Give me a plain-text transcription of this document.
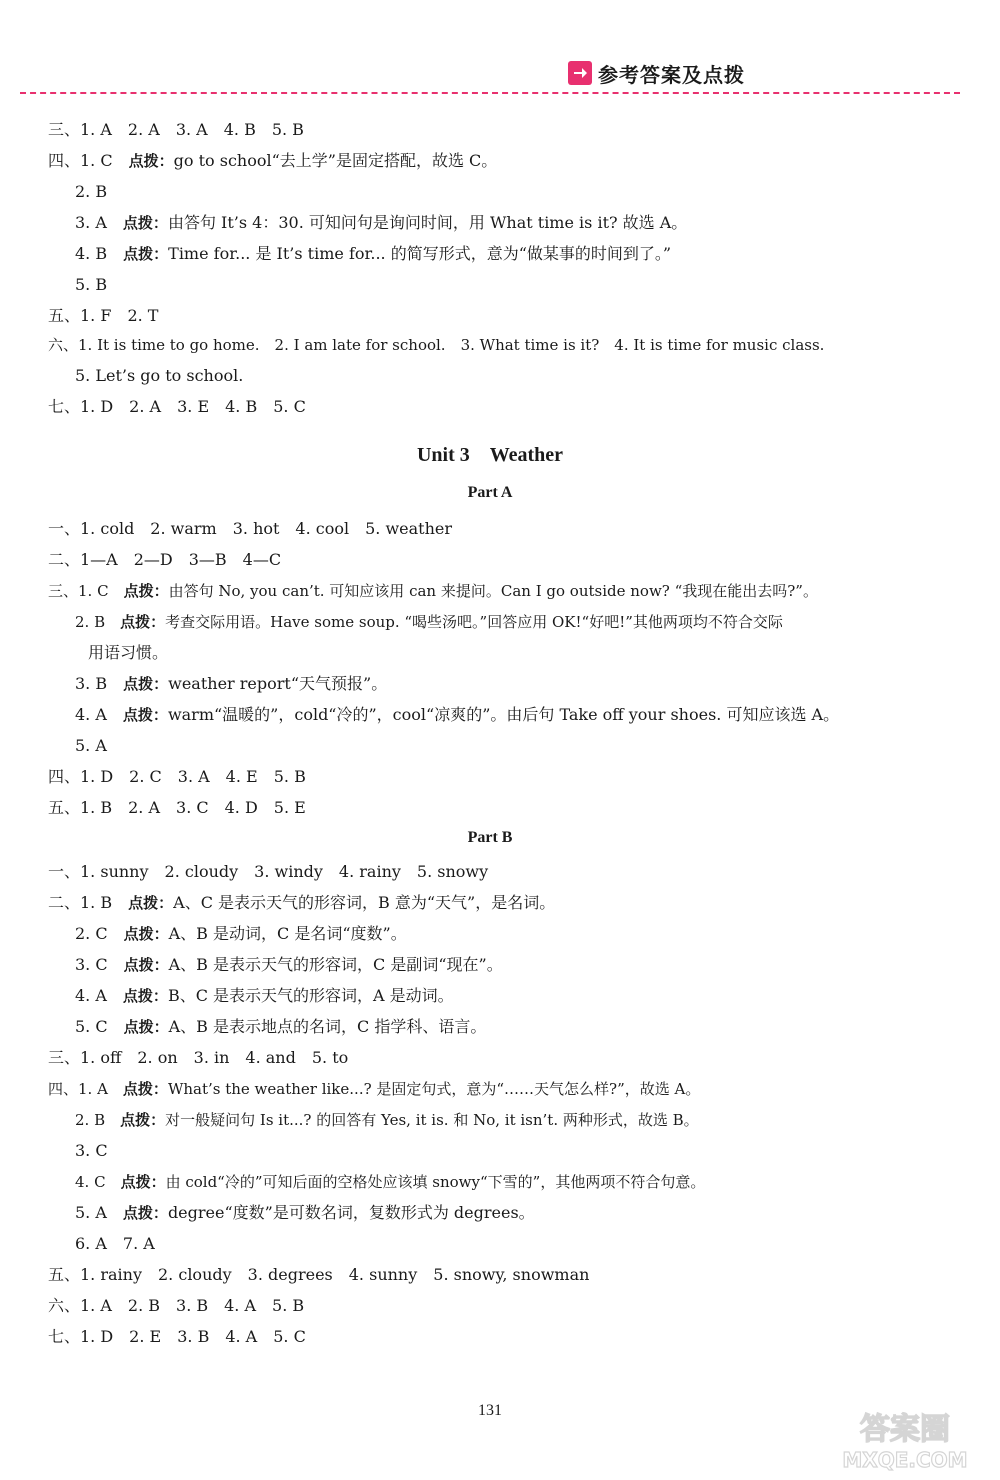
参考答案及点拨
三、1. A　2. A　3. A　4. B　5. B
四、1. C　点拨：go to school“去上学”是固定搭配，故选 C。
2. B
3. A　点拨：由答句 It’s 4：30. 可知问句是询问时间，用 What time is it? 故选 A。
4. B　点拨：Time for... 是 It’s time for... 的简写形式，意为“做某事的时间到了。”
5. B
五、1. F　2. T
六、1. It is time to go home.　2. I am late for school.　3. What time is it?　4. It is time for music class.
5. Let’s go to school.
七、1. D　2. A　3. E　4. B　5. C
Unit 3　Weather
Part A
一、1. cold　2. warm　3. hot　4. cool　5. weather
二、1—A　2—D　3—B　4—C
三、1. C　点拨：由答句 No, you can’t. 可知应该用 can 来提问。Can I go outside now? “我现在能出去吗?”。
2. B　点拨：考查交际用语。Have some soup. “喝些汤吧。”回答应用 OK!“好吧!”其他两项均不符合交际
用语习惯。
3. B　点拨：weather report“天气预报”。
4. A　点拨：warm“温暖的”，cold“冷的”，cool“凉爽的”。由后句 Take off your shoes. 可知应该选 A。
5. A
四、1. D　2. C　3. A　4. E　5. B
五、1. B　2. A　3. C　4. D　5. E
Part B
一、1. sunny　2. cloudy　3. windy　4. rainy　5. snowy
二、1. B　点拨：A、C 是表示天气的形容词，B 意为“天气”，是名词。
2. C　点拨：A、B 是动词，C 是名词“度数”。
3. C　点拨：A、B 是表示天气的形容词，C 是副词“现在”。
4. A　点拨：B、C 是表示天气的形容词，A 是动词。
5. C　点拨：A、B 是表示地点的名词，C 指学科、语言。
三、1. off　2. on　3. in　4. and　5. to
四、1. A　点拨：What’s the weather like...? 是固定句式，意为“……天气怎么样?”，故选 A。
2. B　点拨：对一般疑问句 Is it...? 的回答有 Yes, it is. 和 No, it isn’t. 两种形式，故选 B。
3. C
4. C　点拨：由 cold“冷的”可知后面的空格处应该填 snowy“下雪的”，其他两项不符合句意。
5. A　点拨：degree“度数”是可数名词，复数形式为 degrees。
6. A　7. A
五、1. rainy　2. cloudy　3. degrees　4. sunny　5. snowy, snowman
六、1. A　2. B　3. B　4. A　5. B
七、1. D　2. E　3. B　4. A　5. C
131
答案圈
MXQE.COM
